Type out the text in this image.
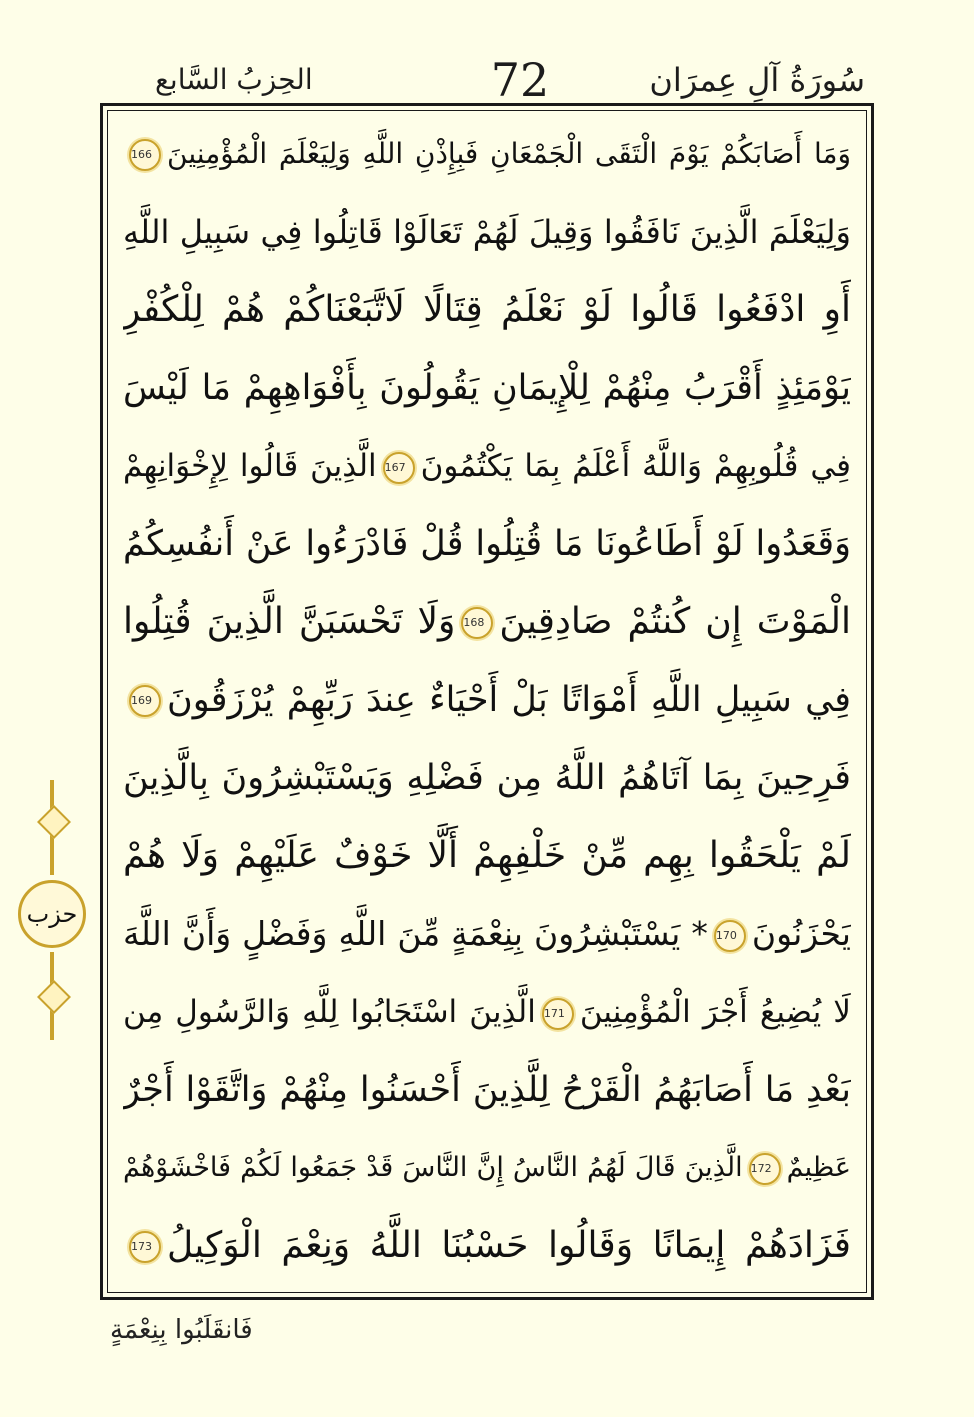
الحِزبُ السَّابع	72	سُورَةُ آلِ عِمرَان
وَمَا أَصَابَكُمْ يَوْمَ الْتَقَى الْجَمْعَانِ فَبِإِذْنِ اللَّهِ وَلِيَعْلَمَ الْمُؤْمِنِينَ166
وَلِيَعْلَمَ الَّذِينَ نَافَقُوا وَقِيلَ لَهُمْ تَعَالَوْا قَاتِلُوا فِي سَبِيلِ اللَّهِ
أَوِ ادْفَعُوا قَالُوا لَوْ نَعْلَمُ قِتَالًا لَاتَّبَعْنَاكُمْ هُمْ لِلْكُفْرِ
يَوْمَئِذٍ أَقْرَبُ مِنْهُمْ لِلْإِيمَانِ يَقُولُونَ بِأَفْوَاهِهِمْ مَا لَيْسَ
فِي قُلُوبِهِمْ وَاللَّهُ أَعْلَمُ بِمَا يَكْتُمُونَ167الَّذِينَ قَالُوا لِإِخْوَانِهِمْ
وَقَعَدُوا لَوْ أَطَاعُونَا مَا قُتِلُوا قُلْ فَادْرَءُوا عَنْ أَنفُسِكُمُ
الْمَوْتَ إِن كُنتُمْ صَادِقِينَ168وَلَا تَحْسَبَنَّ الَّذِينَ قُتِلُوا
فِي سَبِيلِ اللَّهِ أَمْوَاتًا بَلْ أَحْيَاءٌ عِندَ رَبِّهِمْ يُرْزَقُونَ169
فَرِحِينَ بِمَا آتَاهُمُ اللَّهُ مِن فَضْلِهِ وَيَسْتَبْشِرُونَ بِالَّذِينَ
لَمْ يَلْحَقُوا بِهِم مِّنْ خَلْفِهِمْ أَلَّا خَوْفٌ عَلَيْهِمْ وَلَا هُمْ
يَحْزَنُونَ170* يَسْتَبْشِرُونَ بِنِعْمَةٍ مِّنَ اللَّهِ وَفَضْلٍ وَأَنَّ اللَّهَ
لَا يُضِيعُ أَجْرَ الْمُؤْمِنِينَ171الَّذِينَ اسْتَجَابُوا لِلَّهِ وَالرَّسُولِ مِن
بَعْدِ مَا أَصَابَهُمُ الْقَرْحُ لِلَّذِينَ أَحْسَنُوا مِنْهُمْ وَاتَّقَوْا أَجْرٌ
عَظِيمٌ172الَّذِينَ قَالَ لَهُمُ النَّاسُ إِنَّ النَّاسَ قَدْ جَمَعُوا لَكُمْ فَاخْشَوْهُمْ
فَزَادَهُمْ إِيمَانًا وَقَالُوا حَسْبُنَا اللَّهُ وَنِعْمَ الْوَكِيلُ173
حزب
فَانقَلَبُوا بِنِعْمَةٍ
